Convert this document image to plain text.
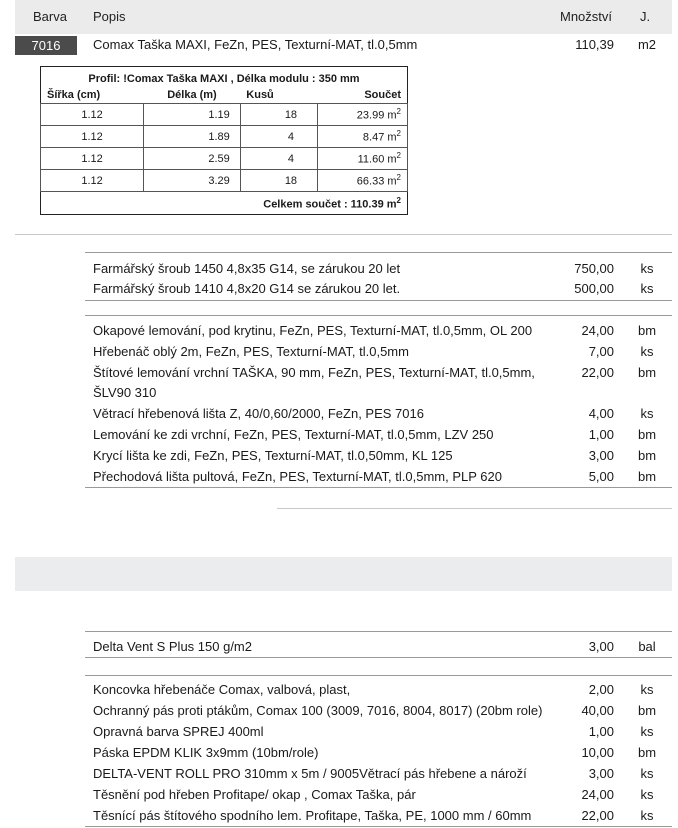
Barva Popis	Množství J.
7016	Comax Taška MAXI, FeZn, PES, Texturní-MAT, tl.0,5mm	110,39	m2
Profil: !Comax Taška MAXI , Délka modulu : 350 mm			
Šířka (cm)	Délka (m)	Kusů	Součet
1.12	1.19	18	23.99 $m^2$
1.12	1.89	4	8.47 $m^2$
1.12	2.59	4	11.60 $m^2$
1.12	3.29	18	66.33 $m^2$
Celkem součet : 110.39 $m^2$
Farmářský šroub 1450 4,8x35 G14, se zárukou 20 let	750,00	ks
Farmářský šroub 1410 4,8x20 G14 se zárukou 20 let.	500,00	ks
Okapové lemování, pod krytinu, FeZn, PES, Texturní-MAT, tl.0,5mm, OL 200	24,00	bm
Hřebenáč oblý 2m, FeZn, PES, Texturní-MAT, tl.0,5mm	7,00	ks
Štítové lemování vrchní TAŠKA, 90 mm, FeZn, PES, Texturní-MAT, tl.0,5mm,
ŠLV90 310
22,00	bm
Větrací hřebenová lišta Z, 40/0,60/2000, FeZn, PES 7016	4,00	ks
Lemování ke zdi vrchní, FeZn, PES, Texturní-MAT, tl.0,5mm, LZV 250	1,00	bm
Krycí lišta ke zdi, FeZn, PES, Texturní-MAT, tl.0,50mm, KL 125	3,00	bm
Přechodová lišta pultová, FeZn, PES, Texturní-MAT, tl.0,5mm, PLP 620	5,00	bm
Delta Vent S Plus 150 g/m2	3,00	bal
Koncovka hřebenáče Comax, valbová, plast,	2,00	ks
Ochranný pás proti ptákům, Comax 100 (3009, 7016, 8004, 8017) (20bm role)	40,00	bm
Opravná barva SPREJ 400ml	1,00	ks
Páska EPDM KLIK 3x9mm (10bm/role)	10,00	bm
DELTA-VENT ROLL PRO 310mm x 5m / 9005Větrací pás hřebene a nároží	3,00	ks
Těsnění pod hřeben Profitape/ okap , Comax Taška, pár	24,00	ks
Těsnící pás štítového spodního lem. Profitape, Taška, PE, 1000 mm / 60mm	22,00	ks
